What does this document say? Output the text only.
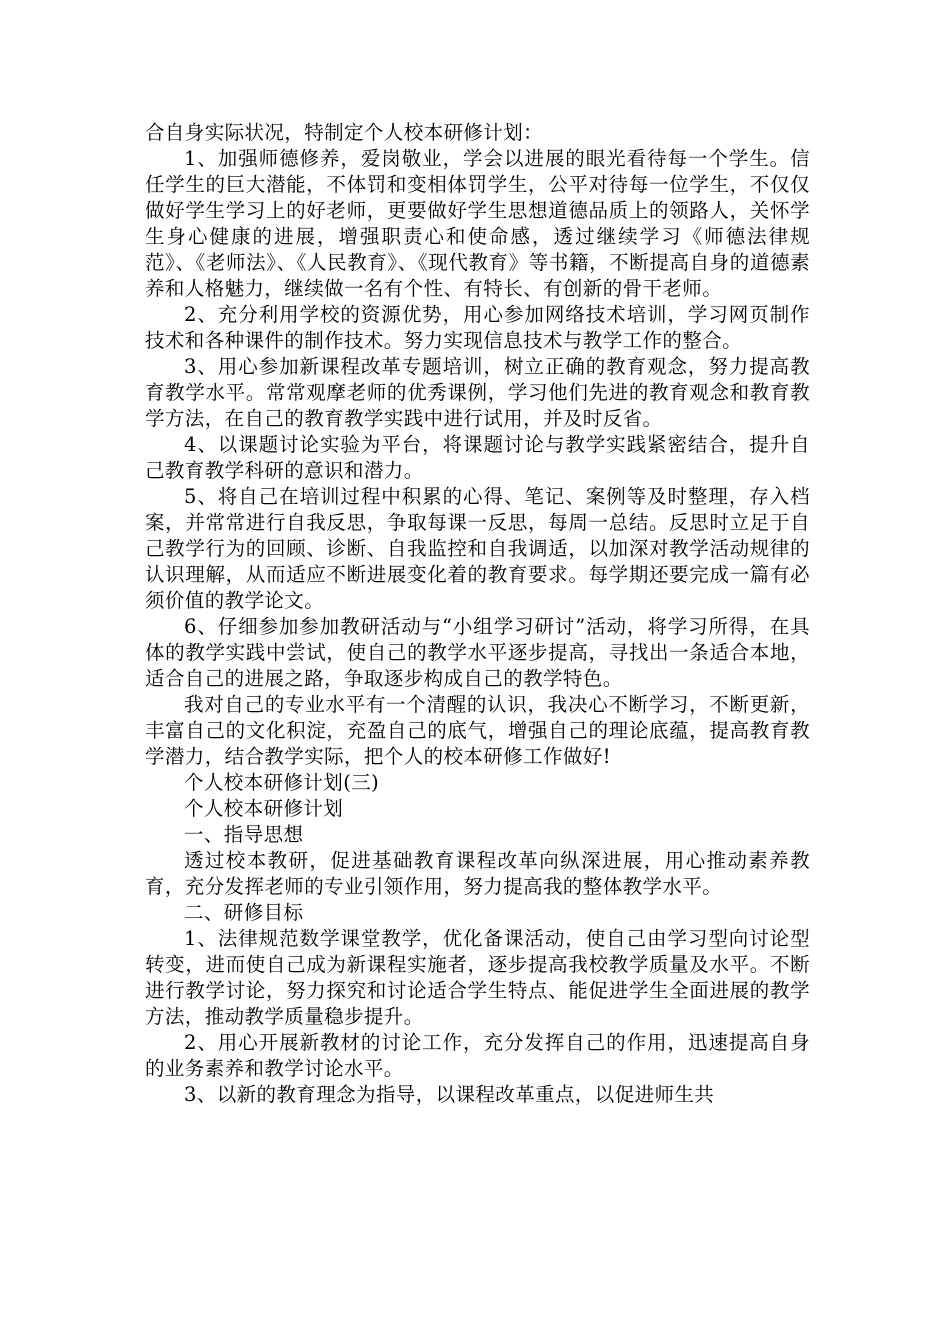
合自身实际状况，特制定个人校本研修计划：

1、加强师德修养，爱岗敬业，学会以进展的眼光看待每一个学生。信任学生的巨大潜能，不体罚和变相体罚学生，公平对待每一位学生，不仅仅做好学生学习上的好老师，更要做好学生思想道德品质上的领路人，关怀学生身心健康的进展，增强职责心和使命感，透过继续学习《师德法律规范》、《老师法》、《人民教育》、《现代教育》等书籍，不断提高自身的道德素养和人格魅力，继续做一名有个性、有特长、有创新的骨干老师。

2、充分利用学校的资源优势，用心参加网络技术培训，学习网页制作技术和各种课件的制作技术。努力实现信息技术与教学工作的整合。

3、用心参加新课程改革专题培训，树立正确的教育观念，努力提高教育教学水平。常常观摩老师的优秀课例，学习他们先进的教育观念和教育教学方法，在自己的教育教学实践中进行试用，并及时反省。

4、以课题讨论实验为平台，将课题讨论与教学实践紧密结合，提升自己教育教学科研的意识和潜力。

5、将自己在培训过程中积累的心得、笔记、案例等及时整理，存入档案，并常常进行自我反思，争取每课一反思，每周一总结。反思时立足于自己教学行为的回顾、诊断、自我监控和自我调适，以加深对教学活动规律的认识理解，从而适应不断进展变化着的教育要求。每学期还要完成一篇有必须价值的教学论文。

6、仔细参加参加教研活动与“小组学习研讨”活动，将学习所得，在具体的教学实践中尝试，使自己的教学水平逐步提高，寻找出一条适合本地，适合自己的进展之路，争取逐步构成自己的教学特色。

我对自己的专业水平有一个清醒的认识，我决心不断学习，不断更新，丰富自己的文化积淀，充盈自己的底气，增强自己的理论底蕴，提高教育教学潜力，结合教学实际，把个人的校本研修工作做好!

个人校本研修计划(三)

个人校本研修计划

一、指导思想

透过校本教研，促进基础教育课程改革向纵深进展，用心推动素养教育，充分发挥老师的专业引领作用，努力提高我的整体教学水平。

二、研修目标

1、法律规范数学课堂教学，优化备课活动，使自己由学习型向讨论型转变，进而使自己成为新课程实施者，逐步提高我校教学质量及水平。不断进行教学讨论，努力探究和讨论适合学生特点、能促进学生全面进展的教学方法，推动教学质量稳步提升。

2、用心开展新教材的讨论工作，充分发挥自己的作用，迅速提高自身的业务素养和教学讨论水平。

3、以新的教育理念为指导，以课程改革重点，以促进师生共
